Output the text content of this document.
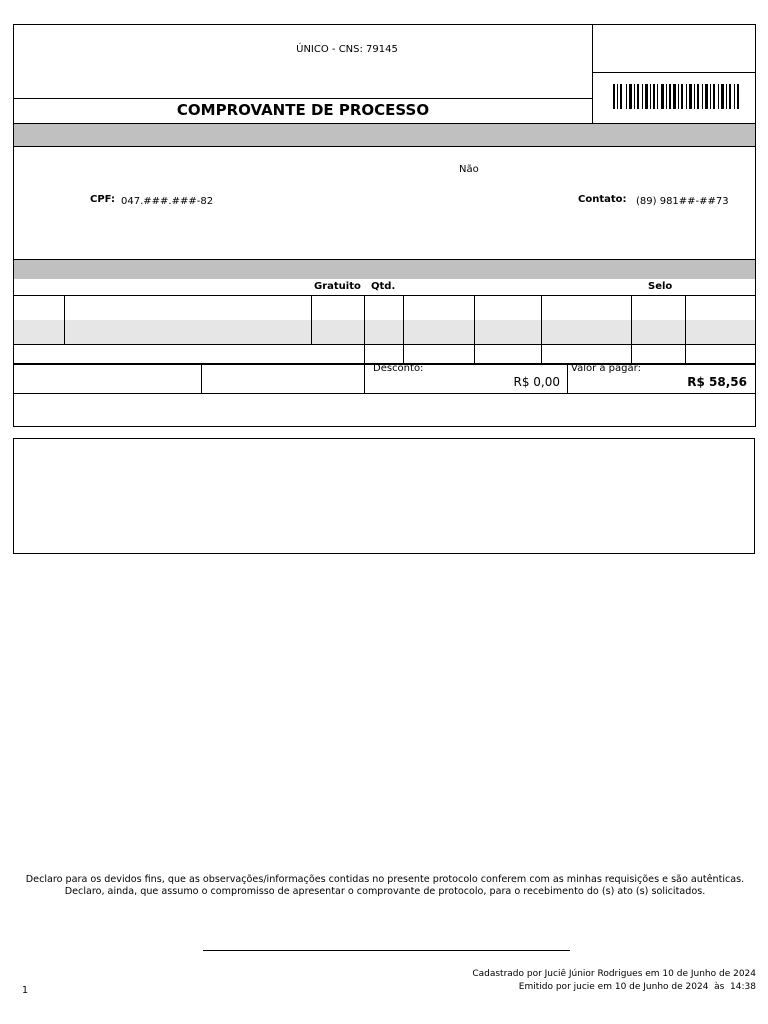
ÚNICO - CNS: 79145
COMPROVANTE DE PROCESSO
Não
CPF: 047.###.###-82	Contato: (89) 981##-##73
Gratuito Qtd.	Selo
Desconto:
R$ 0,00
Valor a pagar:
R$ 58,56
Declaro para os devidos fins, que as observações/informações contidas no presente protocolo conferem com as minhas requisições e são autênticas. Declaro, ainda, que assumo o compromisso de apresentar o comprovante de protocolo, para o recebimento do (s) ato (s) solicitados.
1
Cadastrado por Juciê Júnior Rodrigues em 10 de Junho de 2024
Emitido por jucie em 10 de Junho de 2024  às  14:38
